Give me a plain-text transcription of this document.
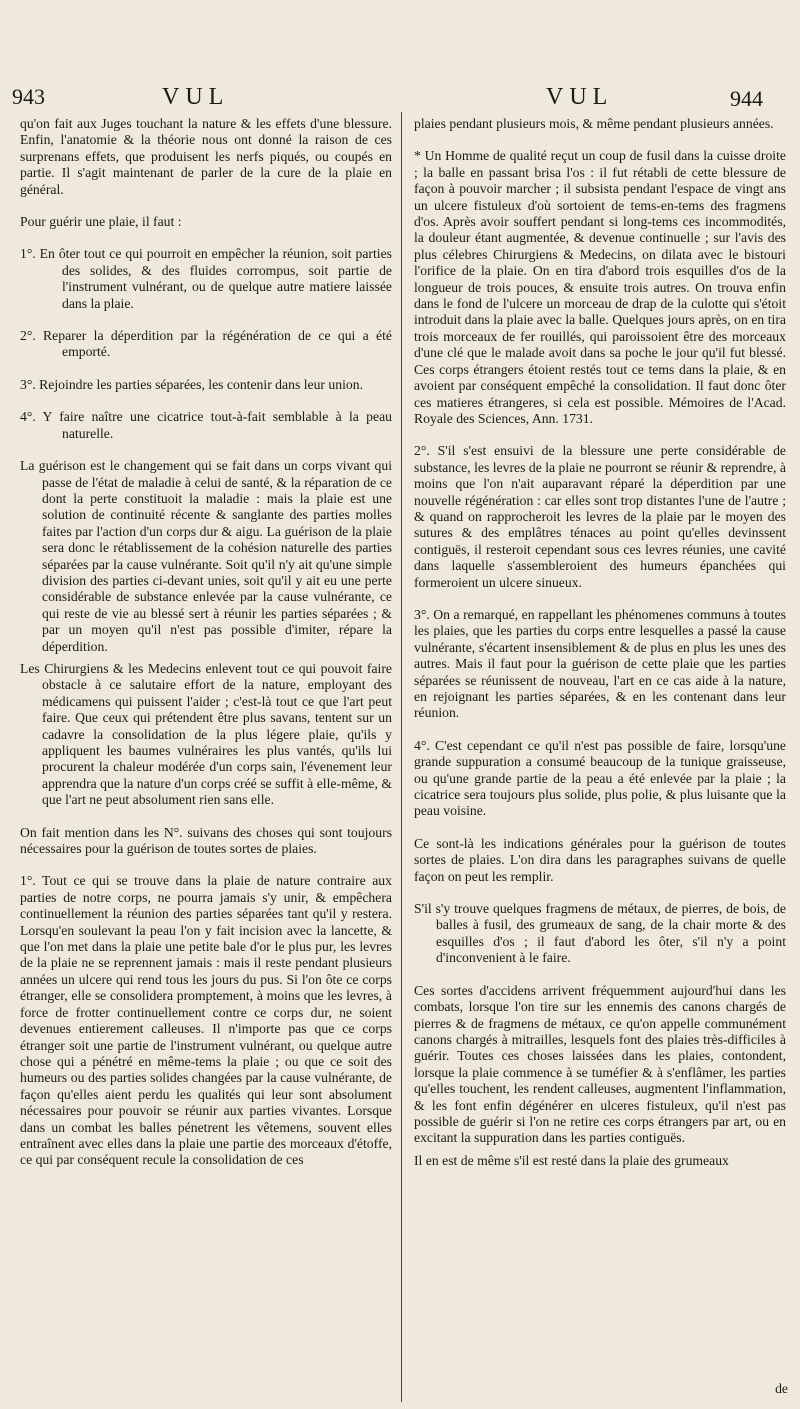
943	VUL	VUL	944

qu'on fait aux Juges touchant la nature & les effets d'une blessure. Enfin, l'anatomie & la théorie nous ont donné la raison de ces surprenans effets, que produisent les nerfs piqués, ou coupés en partie. Il s'agit maintenant de parler de la cure de la plaie en général.

Pour guérir une plaie, il faut :

1°. En ôter tout ce qui pourroit en empêcher la réunion, soit parties des solides, & des fluides corrompus, soit partie de l'instrument vulnérant, ou de quelque autre matiere laissée dans la plaie.

2°. Reparer la déperdition par la régénération de ce qui a été emporté.

3°. Rejoindre les parties séparées, les contenir dans leur union.

4°. Y faire naître une cicatrice tout-à-fait semblable à la peau naturelle.

La guérison est le changement qui se fait dans un corps vivant qui passe de l'état de maladie à celui de santé, & la réparation de ce dont la perte constituoit la maladie : mais la plaie est une solution de continuité récente & sanglante des parties molles faites par l'action d'un corps dur & aigu. La guérison de la plaie sera donc le rétablissement de la cohésion naturelle des parties séparées par la cause vulnérante. Soit qu'il n'y ait qu'une simple division des parties ci-devant unies, soit qu'il y ait eu une perte considérable de substance enlevée par la cause vulnérante, ce qui reste de vie au blessé sert à réunir les parties séparées ; & par un moyen qu'il n'est pas possible d'imiter, répare la déperdition.

Les Chirurgiens & les Medecins enlevent tout ce qui pouvoit faire obstacle à ce salutaire effort de la nature, employant des médicamens qui puissent l'aider ; c'est-là tout ce que l'art peut faire. Que ceux qui prétendent être plus savans, tentent sur un cadavre la consolidation de la plus légere plaie, qu'ils y appliquent les baumes vulnéraires les plus vantés, qu'ils lui procurent la chaleur modérée d'un corps sain, l'évenement leur apprendra que la nature d'un corps créé se suffit à elle-même, & que l'art ne peut absolument rien sans elle.

On fait mention dans les N°. suivans des choses qui sont toujours nécessaires pour la guérison de toutes sortes de plaies.

1°. Tout ce qui se trouve dans la plaie de nature contraire aux parties de notre corps, ne pourra jamais s'y unir, & empêchera continuellement la réunion des parties séparées tant qu'il y restera. Lorsqu'en soulevant la peau l'on y fait incision avec la lancette, & que l'on met dans la plaie une petite bale d'or le plus pur, les levres de la plaie ne se reprennent jamais : mais il reste pendant plusieurs années un ulcere qui rend tous les jours du pus. Si l'on ôte ce corps étranger, elle se consolidera promptement, à moins que les levres, à force de frotter continuellement contre ce corps dur, ne soient devenues entierement calleuses. Il n'importe pas que ce corps étranger soit une partie de l'instrument vulnérant, ou quelque autre chose qui a pénétré en même-tems la plaie ; ou que ce soit des humeurs ou des parties solides changées par la cause vulnérante, de façon qu'elles aient perdu les qualités qui leur sont absolument nécessaires pour pouvoir se réunir aux parties vivantes. Lorsque dans un combat les balles pénetrent les vêtemens, souvent elles entraînent avec elles dans la plaie une partie des morceaux d'étoffe, ce qui par conséquent recule la consolidation de ces

plaies pendant plusieurs mois, & même pendant plusieurs années.

* Un Homme de qualité reçut un coup de fusil dans la cuisse droite ; la balle en passant brisa l'os : il fut rétabli de cette blessure de façon à pouvoir marcher ; il subsista pendant l'espace de vingt ans un ulcere fistuleux d'où sortoient de tems-en-tems des fragmens d'os. Après avoir souffert pendant si long-tems ces incommodités, la douleur étant augmentée, & devenue continuelle ; sur l'avis des plus célebres Chirurgiens & Medecins, on dilata avec le bistouri l'orifice de la plaie. On en tira d'abord trois esquilles d'os de la longueur de trois pouces, & ensuite trois autres. On trouva enfin dans le fond de l'ulcere un morceau de drap de la culotte qui s'étoit introduit dans la plaie avec la balle. Quelques jours après, on en tira trois morceaux de fer rouillés, qui paroissoient être des morceaux d'une clé que le malade avoit dans sa poche le jour qu'il fut blessé. Ces corps étrangers étoient restés tout ce tems dans la plaie, & en avoient par conséquent empêché la consolidation. Il faut donc ôter ces matieres étrangeres, si cela est possible. Mémoires de l'Acad. Royale des Sciences, Ann. 1731.

2°. S'il s'est ensuivi de la blessure une perte considérable de substance, les levres de la plaie ne pourront se réunir & reprendre, à moins que l'on n'ait auparavant réparé la déperdition par une nouvelle régénération : car elles sont trop distantes l'une de l'autre ; & quand on rapprocheroit les levres de la plaie par le moyen des sutures & des emplâtres ténaces au point qu'elles devinssent contiguës, il resteroit cependant sous ces levres réunies, une cavité dans laquelle s'assembleroient des humeurs épanchées qui formeroient un ulcere sinueux.

3°. On a remarqué, en rappellant les phénomenes communs à toutes les plaies, que les parties du corps entre lesquelles a passé la cause vulnérante, s'écartent insensiblement & de plus en plus les unes des autres. Mais il faut pour la guérison de cette plaie que les parties séparées se réunissent de nouveau, l'art en ce cas aide à la nature, en rejoignant les parties séparées, & en les contenant dans leur réunion.

4°. C'est cependant ce qu'il n'est pas possible de faire, lorsqu'une grande suppuration a consumé beaucoup de la tunique graisseuse, ou qu'une grande partie de la peau a été enlevée par la plaie ; la cicatrice sera toujours plus solide, plus polie, & plus luisante que la peau voisine.

Ce sont-là les indications générales pour la guérison de toutes sortes de plaies. L'on dira dans les paragraphes suivans de quelle façon on peut les remplir.

S'il s'y trouve quelques fragmens de métaux, de pierres, de bois, de balles à fusil, des grumeaux de sang, de la chair morte & des esquilles d'os ; il faut d'abord les ôter, s'il n'y a point d'inconvenient à le faire.

Ces sortes d'accidens arrivent fréquemment aujourd'hui dans les combats, lorsque l'on tire sur les ennemis des canons chargés de pierres & de fragmens de métaux, ce qu'on appelle communément canons chargés à mitrailles, lesquels font des plaies très-difficiles à guérir. Toutes ces choses laissées dans les plaies, contondent, lorsque la plaie commence à se tuméfier & à s'enflâmer, les parties qu'elles touchent, les rendent calleuses, augmentent l'inflammation, & les font enfin dégénérer en ulceres fistuleux, qu'il n'est pas possible de guérir si l'on ne retire ces corps étrangers par art, ou en excitant la suppuration dans les parties contiguës.

Il en est de même s'il est resté dans la plaie des grumeaux

de
